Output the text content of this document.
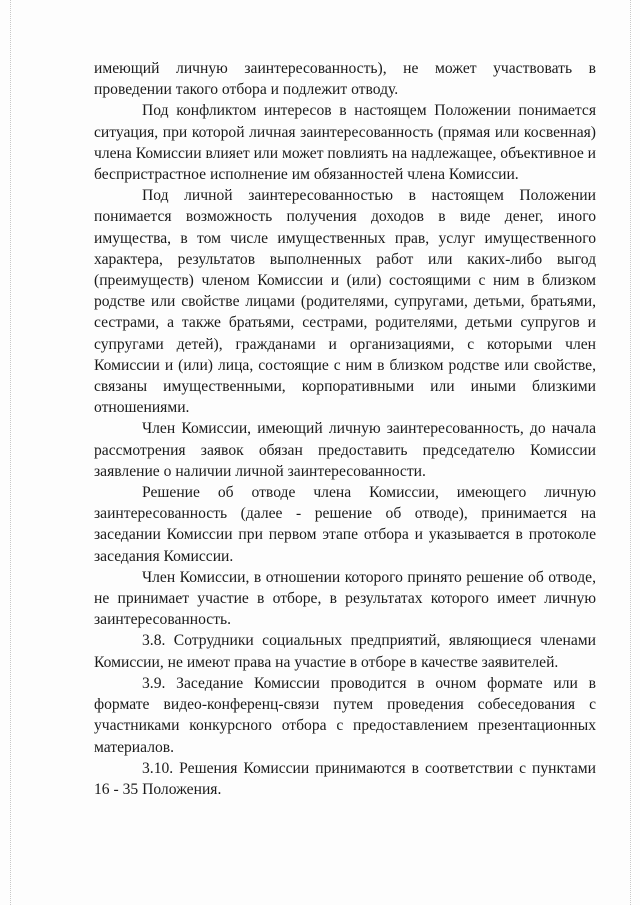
имеющий личную заинтересованность), не может участвовать в проведении такого отбора и подлежит отводу.

Под конфликтом интересов в настоящем Положении понимается ситуация, при которой личная заинтересованность (прямая или косвенная) члена Комиссии влияет или может повлиять на надлежащее, объективное и беспристрастное исполнение им обязанностей члена Комиссии.

Под личной заинтересованностью в настоящем Положении понимается возможность получения доходов в виде денег, иного имущества, в том числе имущественных прав, услуг имущественного характера, результатов выполненных работ или каких-либо выгод (преимуществ) членом Комиссии и (или) состоящими с ним в близком родстве или свойстве лицами (родителями, супругами, детьми, братьями, сестрами, а также братьями, сестрами, родителями, детьми супругов и супругами детей), гражданами и организациями, с которыми член Комиссии и (или) лица, состоящие с ним в близком родстве или свойстве, связаны имущественными, корпоративными или иными близкими отношениями.

Член Комиссии, имеющий личную заинтересованность, до начала рассмотрения заявок обязан предоставить председателю Комиссии заявление о наличии личной заинтересованности.

Решение об отводе члена Комиссии, имеющего личную заинтересованность (далее - решение об отводе), принимается на заседании Комиссии при первом этапе отбора и указывается в протоколе заседания Комиссии.

Член Комиссии, в отношении которого принято решение об отводе, не принимает участие в отборе, в результатах которого имеет личную заинтересованность.

3.8. Сотрудники социальных предприятий, являющиеся членами Комиссии, не имеют права на участие в отборе в качестве заявителей.

3.9. Заседание Комиссии проводится в очном формате или в формате видео-конференц-связи путем проведения собеседования с участниками конкурсного отбора с предоставлением презентационных материалов.

3.10. Решения Комиссии принимаются в соответствии с пунктами 16 - 35 Положения.
